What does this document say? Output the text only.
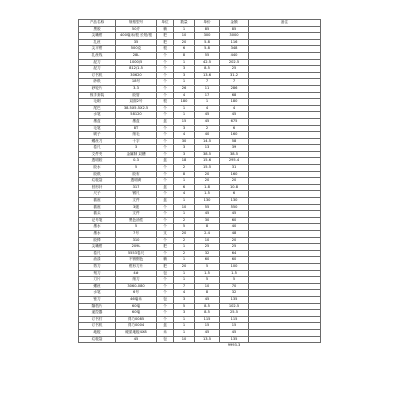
产品名称	规格型号	单位	数量	单价	金额	备注
黑胶	50斤	桶	1	85	85	
尖嘴钳	400毫米/根 长短/根	把	10	300	3000	
扎丝	35	把	20	5.8	116	
尖平钳	500克	根	6	5.8	348	
扎丝线	28L	个	8	55	440	
泥刀	1000/5	个	1	42.5	202.5	
泥刀	812/1.5	个	3	8.5	25	
订书机	30620	个	3	13.6	31.2	
砂纸	18号	个	1	7	7	
砂轮片	3.3	个	26	11	286	
扳手套装	胶管	个	4	17	68	
毛刷	双面2号	根	180	1	180	
尾巴	38.5X5.5X2.5	个	1	4	4	
水笔	58120	个	1	45	45	
墨盒	墨盒	盒	15	45	675	
毛笔	8T	个	3	2	6	
刷子	细毛	个	4	40	160	
螺丝刀	十字	个	30	14.5	58	
卷尺	3	个	3	13	39	
文件夹	金属制 双槽	个	3	38.5	38.5	
透明胶	0.3	盒	18	15.6	295.4	
胶水	5	个	2	15.5	31	
胶纸	胶布	个	8	20	160	
垃圾袋	透明黄	个	1	20	20	
回形针	317	盒	6	1.8	10.8	
尺子	钢尺	个	4	1.5	6	
插座	文件	盒	1	130	130	
插座	3级	个	10	55	550	
插头	文件	个	1	45	45	
记号笔	黑色油性	个	2	30	60	
墨水	5	个	5	8	40	
墨水	7号	支	20	2.4	48	
胶棒	310	个	2	10	20	
尖嘴钳	209L	把	1	25	25	
卷尺	5553卷尺	个	2	32	64	
油漆	不锈钢色	桶	1	60	60	
剪刀	钳形刀片	把	20	5	100	
刻刀	4#	包	1	1.5	1.5	
刀片	细刀	个	1	5	5	
螺丝	3060-080	个	7	10	70	
水笔	6号	个	4	8	32	
锉刀	46毫米	包	3	45	135	
隔档片	60毫	个	5	8.5	102.5	
遥控器	60毫	个	3	8.5	25.5	
订书钉	得力0085	个	1	115	115	
订书机	得力0004	盒	1	15	15	
地板	硬质地板4X8	米	1	45	45	
垃圾袋	45	包	10	13.5	135	
					9993.3	
